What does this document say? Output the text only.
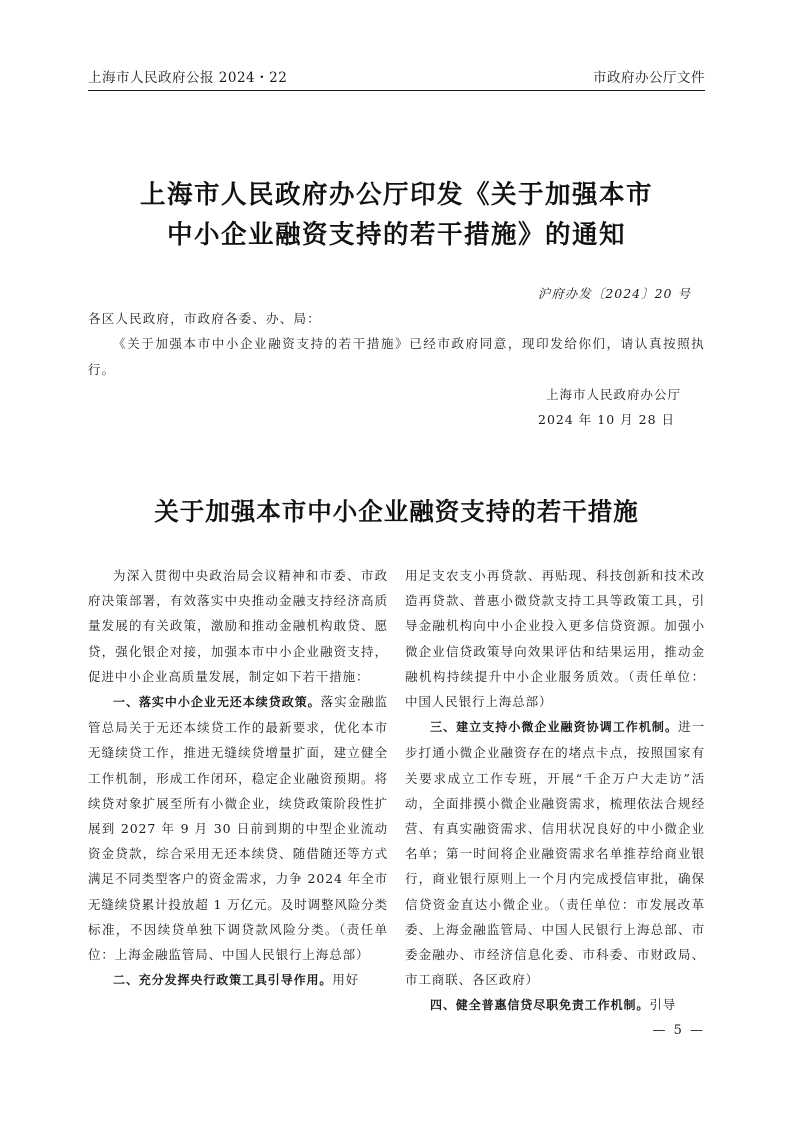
上海市人民政府公报 2024・22	市政府办公厅文件
上海市人民政府办公厅印发《关于加强本市
中小企业融资支持的若干措施》的通知
沪府办发〔2024〕20 号
各区人民政府，市政府各委、办、局：
《关于加强本市中小企业融资支持的若干措施》已经市政府同意，现印发给你们，请认真按照执行。
上海市人民政府办公厅
2024 年 10 月 28 日
关于加强本市中小企业融资支持的若干措施

为深入贯彻中央政治局会议精神和市委、市政府决策部署，有效落实中央推动金融支持经济高质量发展的有关政策，激励和推动金融机构敢贷、愿贷，强化银企对接，加强本市中小企业融资支持，促进中小企业高质量发展，制定如下若干措施：

一、落实中小企业无还本续贷政策。落实金融监管总局关于无还本续贷工作的最新要求，优化本市无缝续贷工作，推进无缝续贷增量扩面，建立健全工作机制，形成工作闭环，稳定企业融资预期。将续贷对象扩展至所有小微企业，续贷政策阶段性扩展到 2027 年 9 月 30 日前到期的中型企业流动资金贷款，综合采用无还本续贷、随借随还等方式满足不同类型客户的资金需求，力争 2024 年全市无缝续贷累计投放超 1 万亿元。及时调整风险分类标准，不因续贷单独下调贷款风险分类。（责任单位：上海金融监管局、中国人民银行上海总部）

二、充分发挥央行政策工具引导作用。用好

用足支农支小再贷款、再贴现、科技创新和技术改造再贷款、普惠小微贷款支持工具等政策工具，引导金融机构向中小企业投入更多信贷资源。加强小微企业信贷政策导向效果评估和结果运用，推动金融机构持续提升中小企业服务质效。（责任单位：中国人民银行上海总部）

三、建立支持小微企业融资协调工作机制。进一步打通小微企业融资存在的堵点卡点，按照国家有关要求成立工作专班，开展“千企万户大走访”活动，全面排摸小微企业融资需求，梳理依法合规经营、有真实融资需求、信用状况良好的中小微企业名单；第一时间将企业融资需求名单推荐给商业银行，商业银行原则上一个月内完成授信审批，确保信贷资金直达小微企业。（责任单位：市发展改革委、上海金融监管局、中国人民银行上海总部、市委金融办、市经济信息化委、市科委、市财政局、市工商联、各区政府）

四、健全普惠信贷尽职免责工作机制。引导

— 5 —
